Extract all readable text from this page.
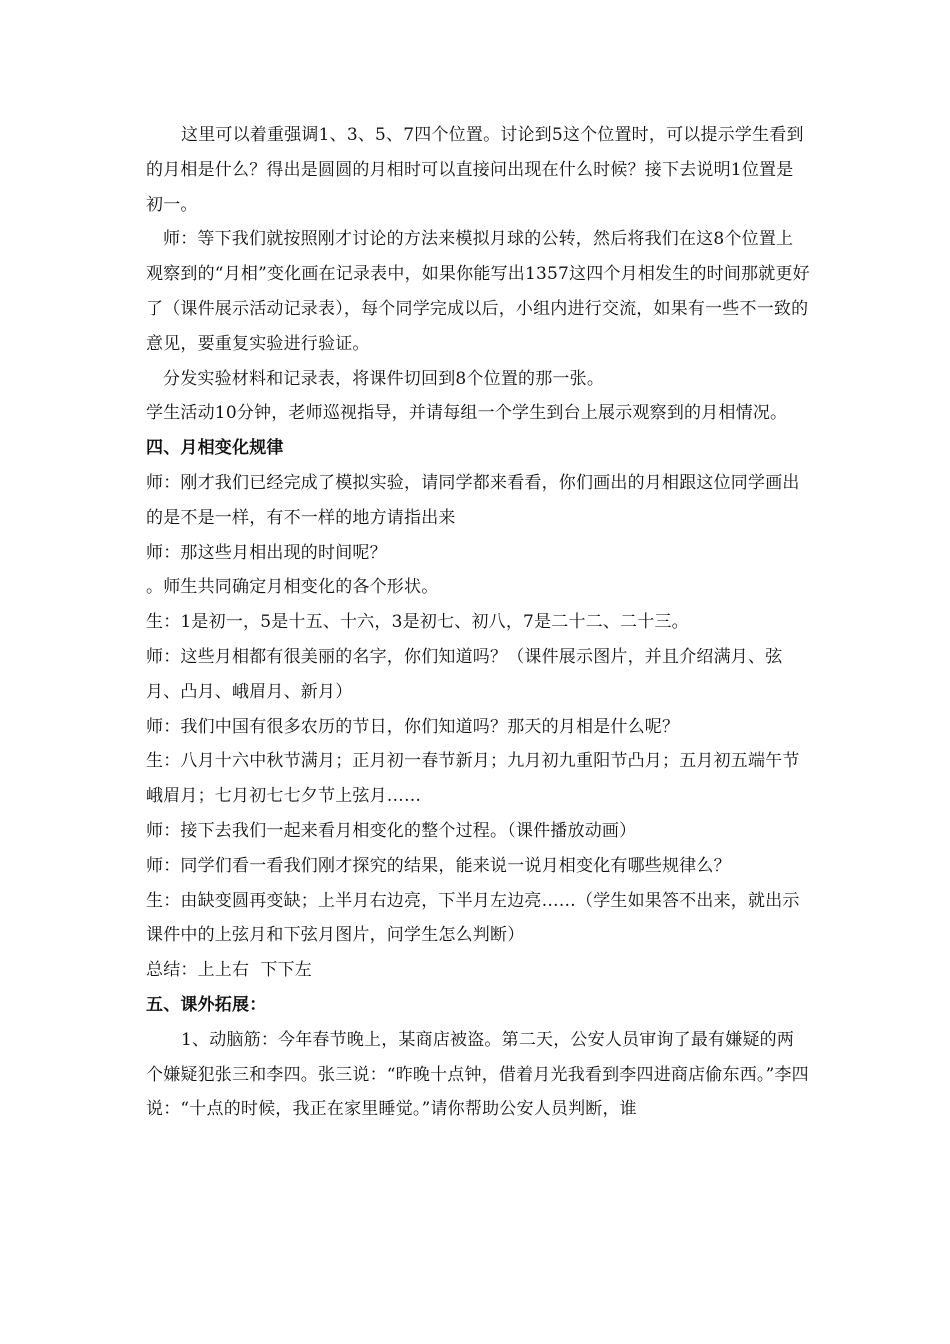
这里可以着重强调1、3、5、7四个位置。讨论到5这个位置时，可以提示学生看到的月相是什么？得出是圆圆的月相时可以直接问出现在什么时候？接下去说明1位置是初一。

师：等下我们就按照刚才讨论的方法来模拟月球的公转，然后将我们在这8个位置上观察到的“月相”变化画在记录表中，如果你能写出1357这四个月相发生的时间那就更好了（课件展示活动记录表），每个同学完成以后，小组内进行交流，如果有一些不一致的意见，要重复实验进行验证。

分发实验材料和记录表，将课件切回到8个位置的那一张。

学生活动10分钟，老师巡视指导，并请每组一个学生到台上展示观察到的月相情况。

四、月相变化规律

师：刚才我们已经完成了模拟实验，请同学都来看看，你们画出的月相跟这位同学画出的是不是一样，有不一样的地方请指出来

师：那这些月相出现的时间呢？

。师生共同确定月相变化的各个形状。

生：1是初一，5是十五、十六，3是初七、初八，7是二十二、二十三。

师：这些月相都有很美丽的名字，你们知道吗？（课件展示图片，并且介绍满月、弦月、凸月、峨眉月、新月）

师：我们中国有很多农历的节日，你们知道吗？那天的月相是什么呢？

生：八月十六中秋节满月；正月初一春节新月；九月初九重阳节凸月；五月初五端午节峨眉月；七月初七七夕节上弦月……

师：接下去我们一起来看月相变化的整个过程。（课件播放动画）

师：同学们看一看我们刚才探究的结果，能来说一说月相变化有哪些规律么？

生：由缺变圆再变缺；上半月右边亮，下半月左边亮……（学生如果答不出来，就出示课件中的上弦月和下弦月图片，问学生怎么判断）

总结：上上右  下下左

五、课外拓展：

1、动脑筋：今年春节晚上，某商店被盗。第二天，公安人员审询了最有嫌疑的两个嫌疑犯张三和李四。张三说：“昨晚十点钟，借着月光我看到李四进商店偷东西。”李四说：“十点的时候，我正在家里睡觉。”请你帮助公安人员判断，谁
